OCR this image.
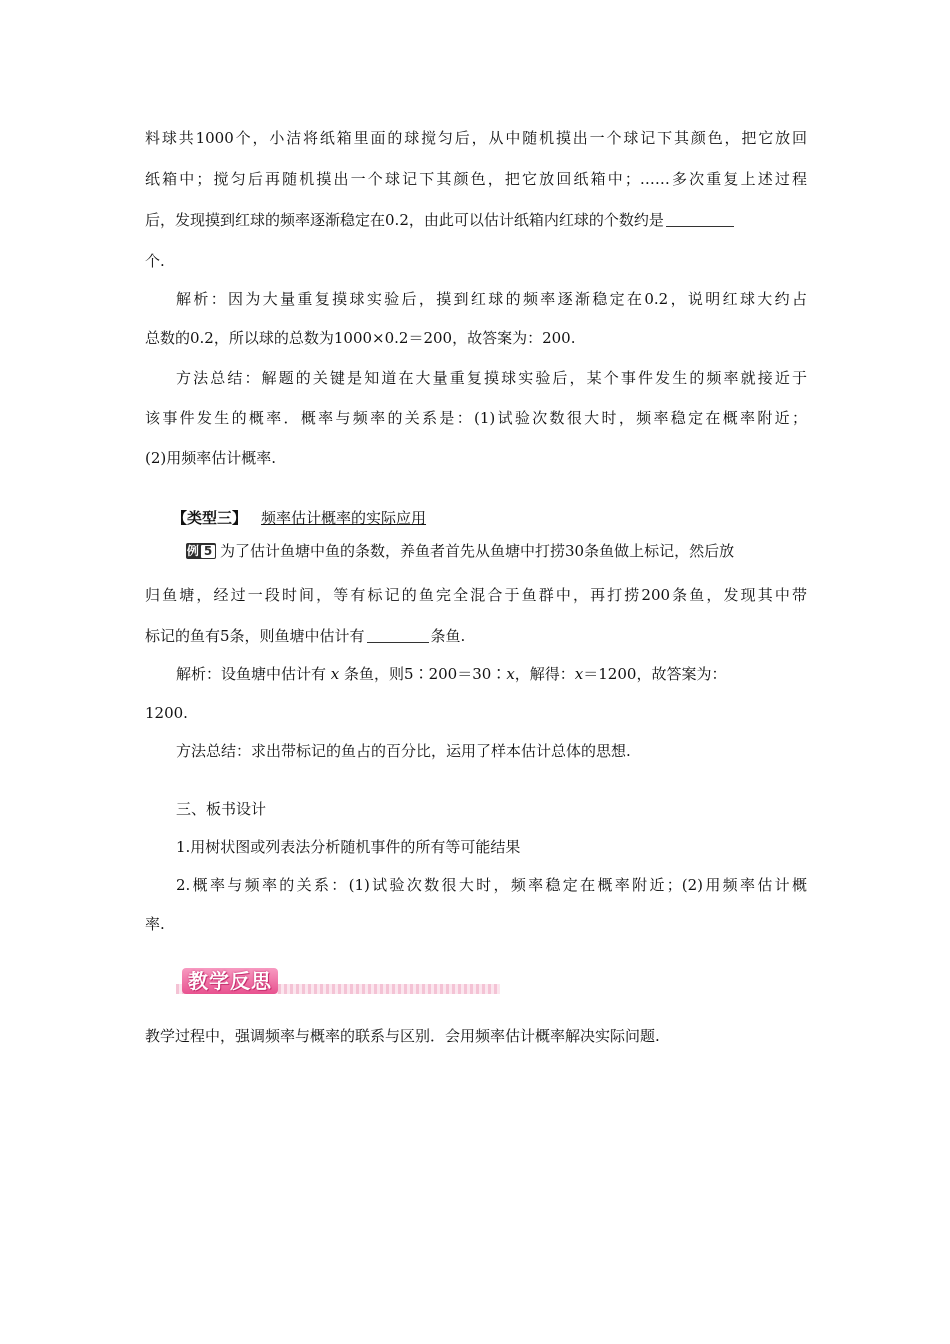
料球共1000个，小洁将纸箱里面的球搅匀后，从中随机摸出一个球记下其颜色，把它放回
纸箱中；搅匀后再随机摸出一个球记下其颜色，把它放回纸箱中；……多次重复上述过程
后，发现摸到红球的频率逐渐稳定在0.2，由此可以估计纸箱内红球的个数约是
个.
解析：因为大量重复摸球实验后，摸到红球的频率逐渐稳定在0.2，说明红球大约占
总数的0.2，所以球的总数为1000×0.2＝200，故答案为：200.
方法总结：解题的关键是知道在大量重复摸球实验后，某个事件发生的频率就接近于
该事件发生的概率．概率与频率的关系是：(1)试验次数很大时，频率稳定在概率附近；
(2)用频率估计概率.
【类型三】 频率估计概率的实际应用
例 5 为了估计鱼塘中鱼的条数，养鱼者首先从鱼塘中打捞30条鱼做上标记，然后放
归鱼塘，经过一段时间，等有标记的鱼完全混合于鱼群中，再打捞200条鱼，发现其中带
标记的鱼有5条，则鱼塘中估计有	条鱼.
解析：设鱼塘中估计有 x 条鱼，则5∶200＝30∶x，解得：x＝1200，故答案为：
1200.
方法总结：求出带标记的鱼占的百分比，运用了样本估计总体的思想.
三、板书设计
1.用树状图或列表法分析随机事件的所有等可能结果
2.概率与频率的关系：(1)试验次数很大时，频率稳定在概率附近；(2)用频率估计概
率.
教学反思
教学过程中，强调频率与概率的联系与区别．会用频率估计概率解决实际问题.
